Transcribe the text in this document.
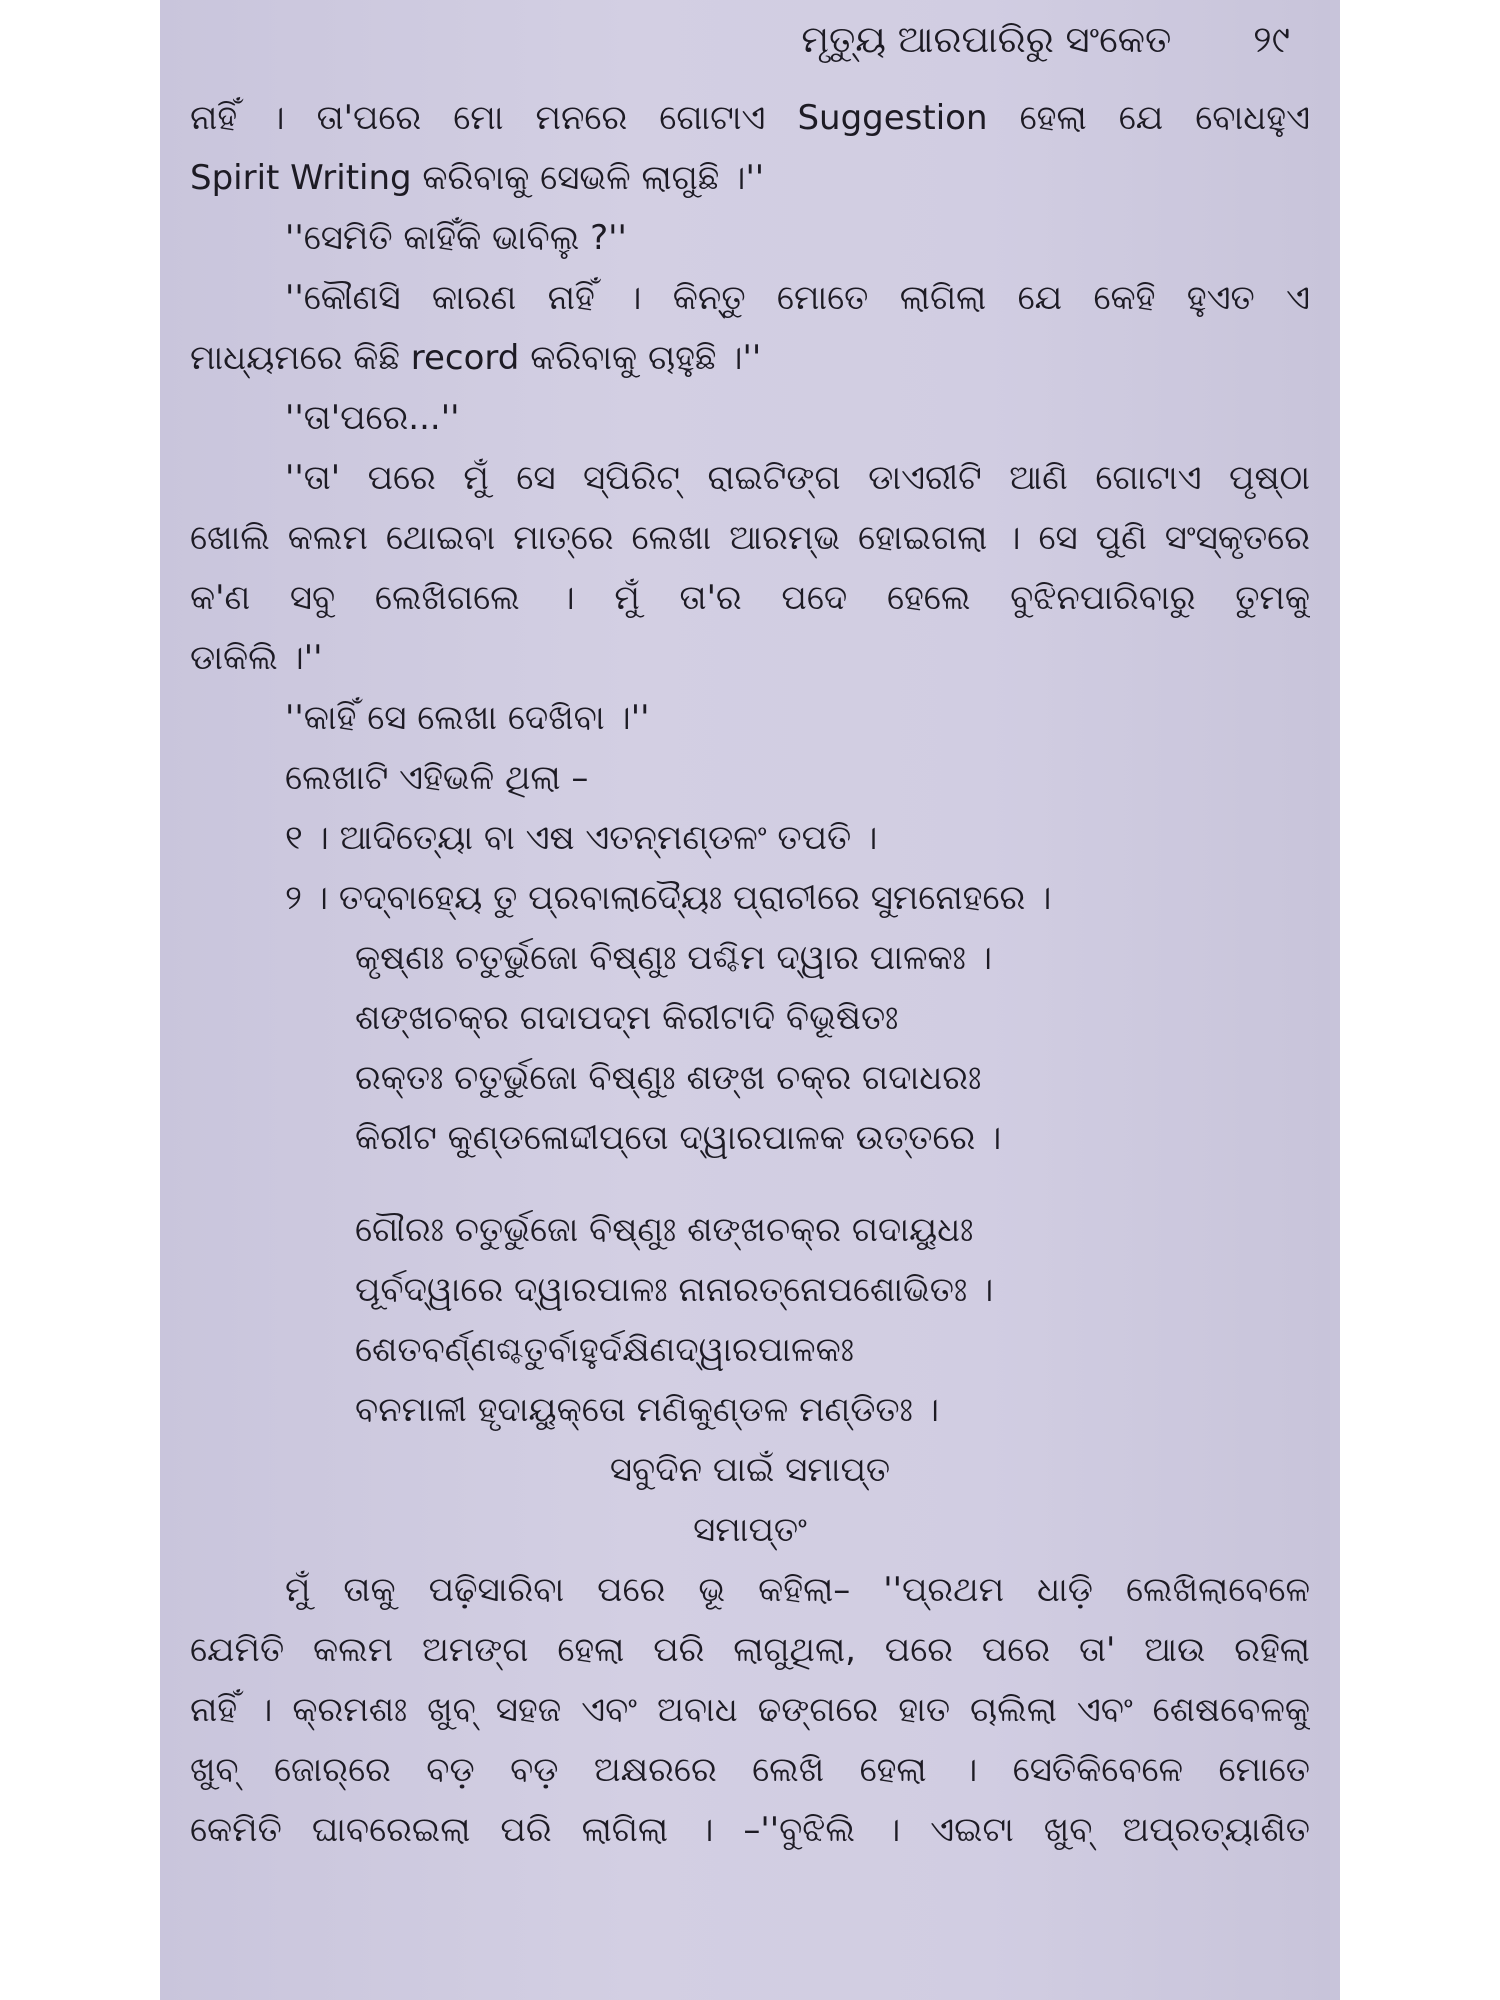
ମୃତ୍ୟୁ ଆରପାରିରୁ ସଂକେତ ୨୯

ନାହିଁ । ତା'ପରେ ମୋ ମନରେ ଗୋଟାଏ Suggestion ହେଲା ଯେ ବୋଧହୁଏ

Spirit Writing କରିବାକୁ ସେଭଳି ଲାଗୁଛି ।''

''ସେମିତି କାହିଁକି ଭାବିଲୁ ?''

''କୌଣସି କାରଣ ନାହିଁ । କିନ୍ତୁ ମୋତେ ଲାଗିଲା ଯେ କେହି ହୁଏତ ଏ

ମାଧ୍ୟମରେ କିଛି record କରିବାକୁ ଚାହୁଛି ।''

''ତା'ପରେ...''

''ତା' ପରେ ମୁଁ ସେ ସ୍ପିରିଟ୍ ରାଇଟିଙ୍ଗ ଡାଏରୀଟି ଆଣି ଗୋଟାଏ ପୃଷ୍ଠା

ଖୋଲି କଲମ ଥୋଇବା ମାତ୍ରେ ଲେଖା ଆରମ୍ଭ ହୋଇଗଲା । ସେ ପୁଣି ସଂସ୍କୃତରେ

କ'ଣ ସବୁ ଲେଖିଗଲେ । ମୁଁ ତା'ର ପଦେ ହେଲେ ବୁଝିନପାରିବାରୁ ତୁମକୁ

ଡାକିଲି ।''

''କାହିଁ ସେ ଲେଖା ଦେଖିବା ।''

ଲେଖାଟି ଏହିଭଳି ଥିଲା –

୧ । ଆଦିତ୍ୟୋ ବା ଏଷ ଏତନ୍ମଣ୍ଡଳଂ ତପତି ।

୨ । ତଦ୍‌ବାହ୍ୟେ ତୁ ପ୍ରବାଲାଦ୍ୟୈଃ ପ୍ରାଚୀରେ ସୁମନୋହରେ ।

କୃଷ୍ଣଃ ଚତୁର୍ଭୁଜୋ ବିଷ୍ଣୁଃ ପଶ୍ଚିମ ଦ୍ୱାର ପାଳକଃ ।

ଶଙ୍ଖଚକ୍ର ଗଦାପଦ୍ମ କିରୀଟାଦି ବିଭୂଷିତଃ

ରକ୍ତଃ ଚତୁର୍ଭୁଜୋ ବିଷ୍ଣୁଃ ଶଙ୍ଖ ଚକ୍ର ଗଦାଧରଃ

କିରୀଟ କୁଣ୍ଡଳୋଦ୍ଦୀପ୍ତୋ ଦ୍ୱାରପାଳକ ଉତ୍ତରେ ।

ଗୌରଃ ଚତୁର୍ଭୁଜୋ ବିଷ୍ଣୁଃ ଶଙ୍ଖଚକ୍ର ଗଦାୟୁଧଃ

ପୂର୍ବଦ୍ୱାରେ ଦ୍ୱାରପାଳଃ ନାନାରତ୍ନୋପଶୋଭିତଃ ।

ଶେତବର୍ଣ୍ଣଶ୍ଚତୁର୍ବାହୁର୍ଦକ୍ଷିଣଦ୍ୱାରପାଳକଃ

ବନମାଳୀ ହୃଦାୟୁକ୍ତୋ ମଣିକୁଣ୍ଡଳ ମଣ୍ଡିତଃ ।

ସବୁଦିନ ପାଇଁ ସମାପ୍ତ

ସମାପ୍ତଂ

ମୁଁ ତାକୁ ପଢ଼ିସାରିବା ପରେ ଭୂ କହିଲା– ''ପ୍ରଥମ ଧାଡ଼ି ଲେଖିଲାବେଳେ

ଯେମିତି କଲମ ଅମଙ୍ଗ ହେଲା ପରି ଲାଗୁଥିଲା, ପରେ ପରେ ତା' ଆଉ ରହିଲା

ନାହିଁ । କ୍ରମଶଃ ଖୁବ୍ ସହଜ ଏବଂ ଅବାଧ ଢଙ୍ଗରେ ହାତ ଚାଲିଲା ଏବଂ ଶେଷବେଳକୁ

ଖୁବ୍ ଜୋର୍‌ରେ ବଡ଼ ବଡ଼ ଅକ୍ଷରରେ ଲେଖି ହେଲା । ସେତିକିବେଳେ ମୋତେ

କେମିତି ଘାବରେଇଲା ପରି ଲାଗିଲା । –''ବୁଝିଲି । ଏଇଟା ଖୁବ୍ ଅପ୍ରତ୍ୟାଶିତ
